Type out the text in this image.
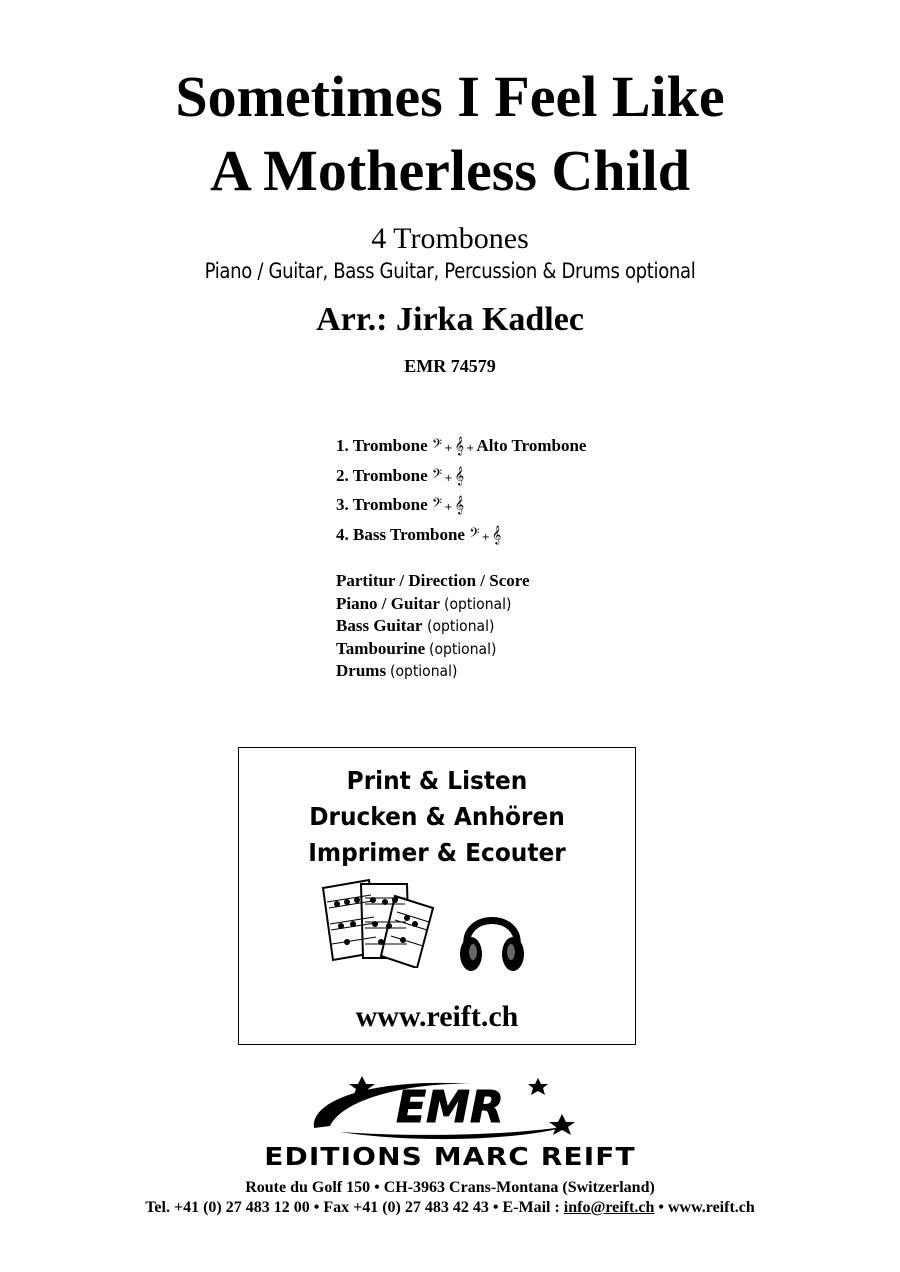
Sometimes I Feel Like
A Motherless Child
4 Trombones
Piano / Guitar, Bass Guitar, Percussion & Drums optional
Arr.: Jirka Kadlec
EMR 74579
1. Trombone 𝄢 + 𝄞 + Alto Trombone
2. Trombone 𝄢 + 𝄞
3. Trombone 𝄢 + 𝄞
4. Bass Trombone 𝄢 + 𝄞
Partitur / Direction / Score
Piano / Guitar (optional)
Bass Guitar (optional)
Tambourine (optional)
Drums (optional)
Print & Listen
Drucken & Anhören
Imprimer & Ecouter
www.reift.ch
EMR
EDITIONS MARC REIFT
Route du Golf 150 • CH-3963 Crans-Montana (Switzerland)
Tel. +41 (0) 27 483 12 00 • Fax +41 (0) 27 483 42 43 • E-Mail : info@reift.ch • www.reift.ch
